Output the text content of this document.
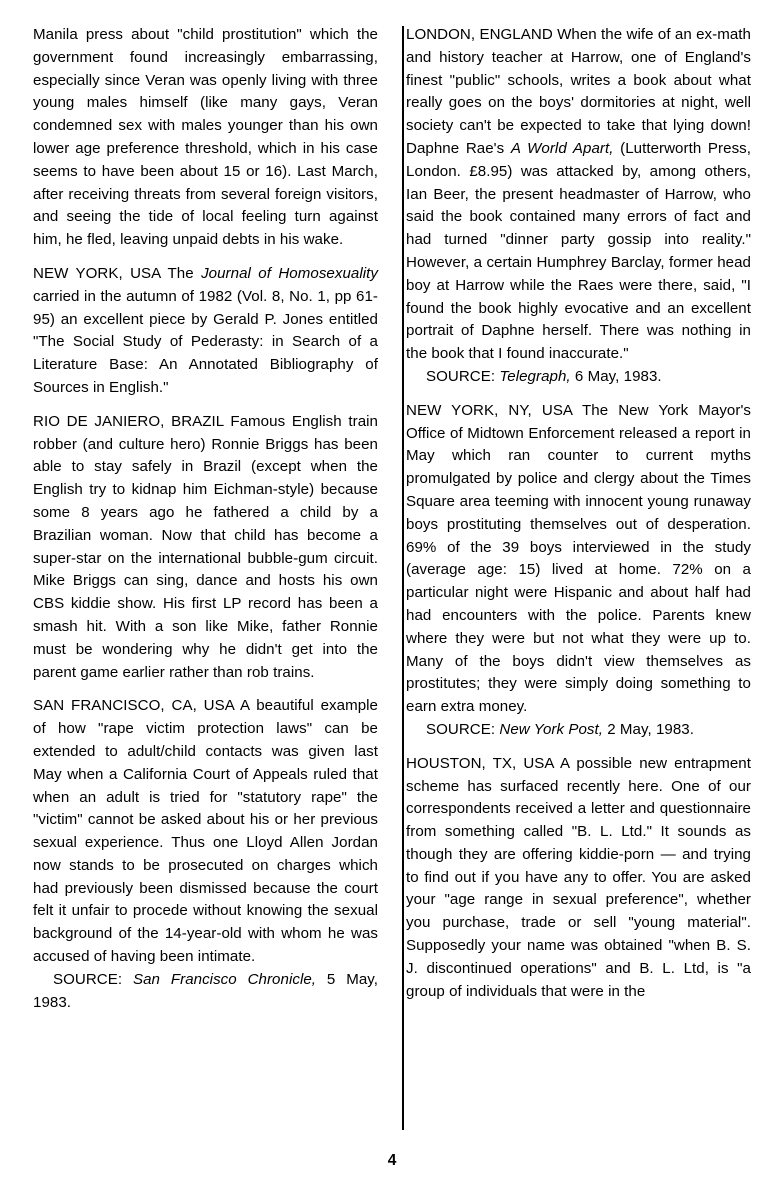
Manila press about "child prostitution" which the government found increasingly embarrassing, especially since Veran was openly living with three young males himself (like many gays, Veran condemned sex with males younger than his own lower age preference threshold, which in his case seems to have been about 15 or 16). Last March, after receiving threats from several foreign visitors, and seeing the tide of local feeling turn against him, he fled, leaving unpaid debts in his wake.

NEW YORK, USA The Journal of Homosexuality carried in the autumn of 1982 (Vol. 8, No. 1, pp 61-95) an excellent piece by Gerald P. Jones entitled "The Social Study of Pederasty: in Search of a Literature Base: An Annotated Bibliography of Sources in English."

RIO DE JANIERO, BRAZIL Famous English train robber (and culture hero) Ronnie Briggs has been able to stay safely in Brazil (except when the English try to kidnap him Eichman-style) because some 8 years ago he fathered a child by a Brazilian woman. Now that child has become a super-star on the international bubble-gum circuit. Mike Briggs can sing, dance and hosts his own CBS kiddie show. His first LP record has been a smash hit. With a son like Mike, father Ronnie must be wondering why he didn't get into the parent game earlier rather than rob trains.

SAN FRANCISCO, CA, USA A beautiful example of how "rape victim protection laws" can be extended to adult/child contacts was given last May when a California Court of Appeals ruled that when an adult is tried for "statutory rape" the "victim" cannot be asked about his or her previous sexual experience. Thus one Lloyd Allen Jordan now stands to be prosecuted on charges which had previously been dismissed because the court felt it unfair to procede without knowing the sexual background of the 14-year-old with whom he was accused of having been intimate.
SOURCE: San Francisco Chronicle, 5 May, 1983.

LONDON, ENGLAND When the wife of an ex-math and history teacher at Harrow, one of England's finest "public" schools, writes a book about what really goes on the boys' dormitories at night, well society can't be expected to take that lying down! Daphne Rae's A World Apart, (Lutterworth Press, London. £8.95) was attacked by, among others, Ian Beer, the present headmaster of Harrow, who said the book contained many errors of fact and had turned "dinner party gossip into reality." However, a certain Humphrey Barclay, former head boy at Harrow while the Raes were there, said, "I found the book highly evocative and an excellent portrait of Daphne herself. There was nothing in the book that I found inaccurate."
SOURCE: Telegraph, 6 May, 1983.

NEW YORK, NY, USA The New York Mayor's Office of Midtown Enforcement released a report in May which ran counter to current myths promulgated by police and clergy about the Times Square area teeming with innocent young runaway boys prostituting themselves out of desperation. 69% of the 39 boys interviewed in the study (average age: 15) lived at home. 72% on a particular night were Hispanic and about half had had encounters with the police. Parents knew where they were but not what they were up to. Many of the boys didn't view themselves as prostitutes; they were simply doing something to earn extra money.
SOURCE: New York Post, 2 May, 1983.

HOUSTON, TX, USA A possible new entrapment scheme has surfaced recently here. One of our correspondents received a letter and questionnaire from something called "B. L. Ltd." It sounds as though they are offering kiddie-porn — and trying to find out if you have any to offer. You are asked your "age range in sexual preference", whether you purchase, trade or sell "young material". Supposedly your name was obtained "when B. S. J. discontinued operations" and B. L. Ltd, is "a group of individuals that were in the

4
